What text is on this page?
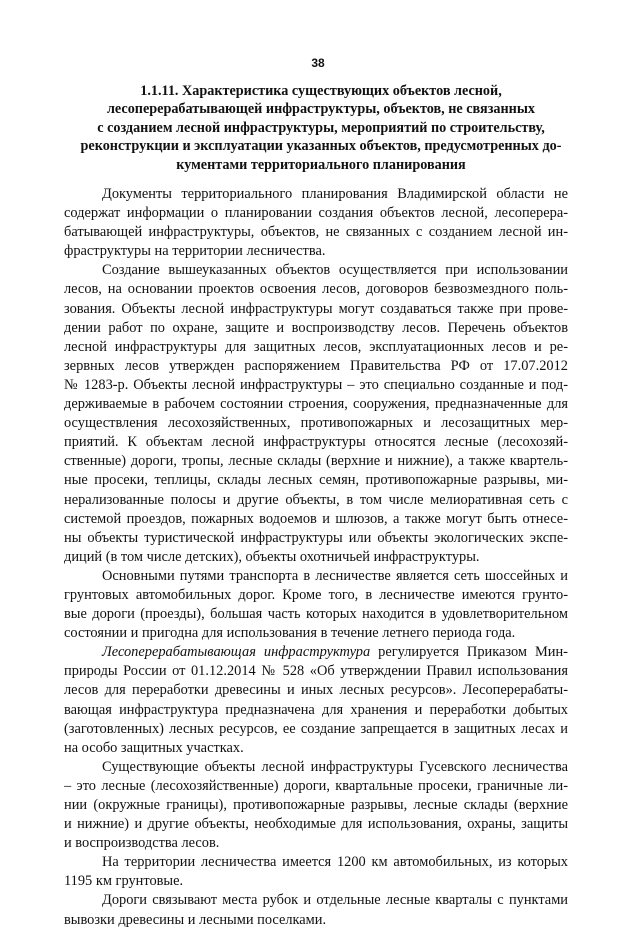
38
1.1.11. Характеристика существующих объектов лесной,
лесоперерабатывающей инфраструктуры, объектов, не связанных
с созданием лесной инфраструктуры, мероприятий по строительству,
реконструкции и эксплуатации указанных объектов, предусмотренных до-
кументами территориального планирования
Документы территориального планирования Владимирской области не
содержат информации о планировании создания объектов лесной, лесоперера-
батывающей инфраструктуры, объектов, не связанных с созданием лесной ин-
фраструктуры на территории лесничества.
Создание вышеуказанных объектов осуществляется при использовании
лесов, на основании проектов освоения лесов, договоров безвозмездного поль-
зования. Объекты лесной инфраструктуры могут создаваться также при прове-
дении работ по охране, защите и воспроизводству лесов. Перечень объектов
лесной инфраструктуры для защитных лесов, эксплуатационных лесов и ре-
зервных лесов утвержден распоряжением Правительства РФ от 17.07.2012
№ 1283-р. Объекты лесной инфраструктуры – это специально созданные и под-
держиваемые в рабочем состоянии строения, сооружения, предназначенные для
осуществления лесохозяйственных, противопожарных и лесозащитных мер-
приятий. К объектам лесной инфраструктуры относятся лесные (лесохозяй-
ственные) дороги, тропы, лесные склады (верхние и нижние), а также квартель-
ные просеки, теплицы, склады лесных семян, противопожарные разрывы, ми-
нерализованные полосы и другие объекты, в том числе мелиоративная сеть с
системой проездов, пожарных водоемов и шлюзов, а также могут быть отнесе-
ны объекты туристической инфраструктуры или объекты экологических экспе-
диций (в том числе детских), объекты охотничьей инфраструктуры.
Основными путями транспорта в лесничестве является сеть шоссейных и
грунтовых автомобильных дорог. Кроме того, в лесничестве имеются грунто-
вые дороги (проезды), большая часть которых находится в удовлетворительном
состоянии и пригодна для использования в течение летнего периода года.
Лесоперерабатывающая инфраструктура регулируется Приказом Мин-
природы России от 01.12.2014 № 528 «Об утверждении Правил использования
лесов для переработки древесины и иных лесных ресурсов». Лесоперерабаты-
вающая инфраструктура предназначена для хранения и переработки добытых
(заготовленных) лесных ресурсов, ее создание запрещается в защитных лесах и
на особо защитных участках.
Существующие объекты лесной инфраструктуры Гусевского лесничества
– это лесные (лесохозяйственные) дороги, квартальные просеки, граничные ли-
нии (окружные границы), противопожарные разрывы, лесные склады (верхние
и нижние) и другие объекты, необходимые для использования, охраны, защиты
и воспроизводства лесов.
На территории лесничества имеется 1200 км автомобильных, из которых
1195 км грунтовые.
Дороги связывают места рубок и отдельные лесные кварталы с пунктами
вывозки древесины и лесными поселками.
